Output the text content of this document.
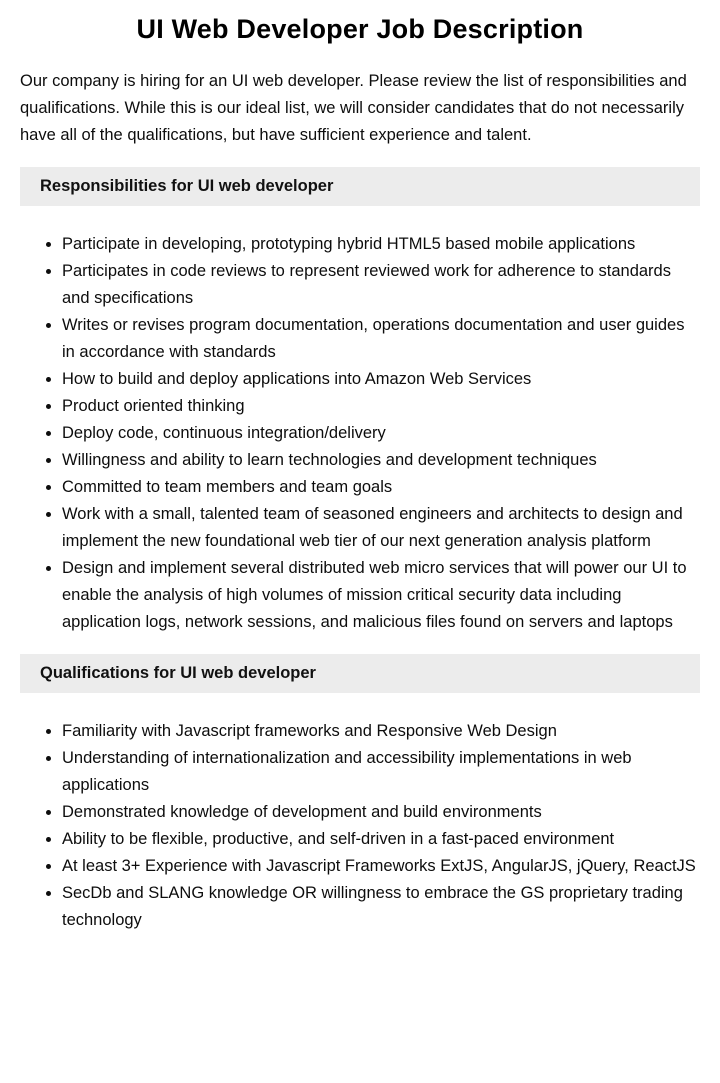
UI Web Developer Job Description

Our company is hiring for an UI web developer. Please review the list of responsibilities and qualifications. While this is our ideal list, we will consider candidates that do not necessarily have all of the qualifications, but have sufficient experience and talent.

Responsibilities for UI web developer
• Participate in developing, prototyping hybrid HTML5 based mobile applications
• Participates in code reviews to represent reviewed work for adherence to standards and specifications
• Writes or revises program documentation, operations documentation and user guides in accordance with standards
• How to build and deploy applications into Amazon Web Services
• Product oriented thinking
• Deploy code, continuous integration/delivery
• Willingness and ability to learn technologies and development techniques
• Committed to team members and team goals
• Work with a small, talented team of seasoned engineers and architects to design and implement the new foundational web tier of our next generation analysis platform
• Design and implement several distributed web micro services that will power our UI to enable the analysis of high volumes of mission critical security data including application logs, network sessions, and malicious files found on servers and laptops
Qualifications for UI web developer
• Familiarity with Javascript frameworks and Responsive Web Design
• Understanding of internationalization and accessibility implementations in web applications
• Demonstrated knowledge of development and build environments
• Ability to be flexible, productive, and self-driven in a fast-paced environment
• At least 3+ Experience with Javascript Frameworks ExtJS, AngularJS, jQuery, ReactJS
• SecDb and SLANG knowledge OR willingness to embrace the GS proprietary trading technology
